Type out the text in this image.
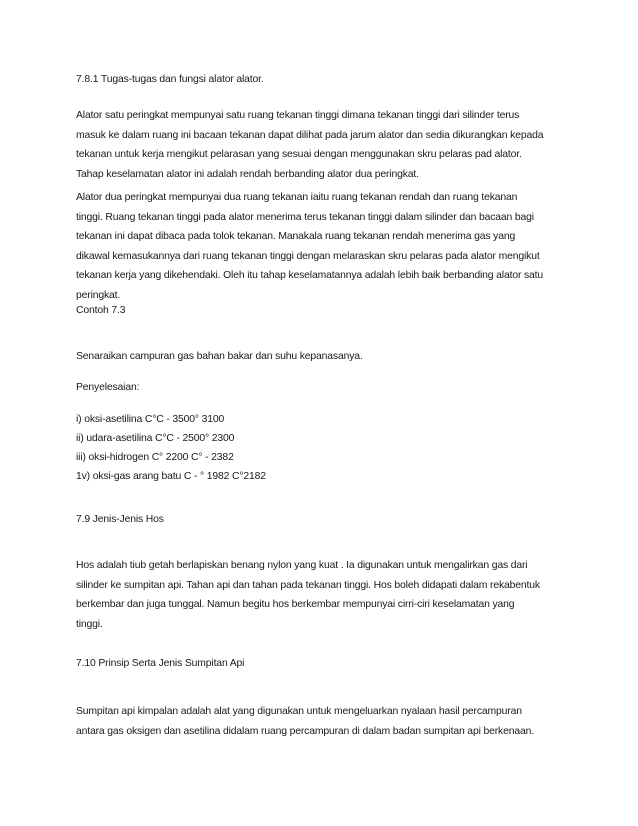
7.8.1 Tugas-tugas dan fungsi alator alator.

Alator satu peringkat mempunyai satu ruang tekanan tinggi dimana tekanan tinggi dari silinder terus
masuk ke dalam ruang ini bacaan tekanan dapat dilihat pada jarum alator dan sedia dikurangkan kepada
tekanan untuk kerja mengikut pelarasan yang sesuai dengan menggunakan skru pelaras pad alator.
Tahap keselamatan alator ini adalah rendah berbanding alator dua peringkat.

Alator dua peringkat mempunyai dua ruang tekanan iaitu ruang tekanan rendah dan ruang tekanan
tinggi. Ruang tekanan tinggi pada alator menerima terus tekanan tinggi dalam silinder dan bacaan bagi
tekanan ini dapat dibaca pada tolok tekanan. Manakala ruang tekanan rendah menerima gas yang
dikawal kemasukannya dari ruang tekanan tinggi dengan melaraskan skru pelaras pada alator mengikut
tekanan kerja yang dikehendaki. Oleh itu tahap keselamatannya adalah lebih baik berbanding alator satu
peringkat.

Contoh 7.3

Senaraikan campuran gas bahan bakar dan suhu kepanasanya.

Penyelesaian:

i) oksi-asetilina C°C - 3500° 3100
ii) udara-asetilina C°C - 2500° 2300
iii) oksi-hidrogen C° 2200 C° - 2382
1v) oksi-gas arang batu C - ° 1982 C°2182

7.9 Jenis-Jenis Hos

Hos adalah tiub getah berlapiskan benang nylon yang kuat . Ia digunakan untuk mengalirkan gas dari
silinder ke sumpitan api. Tahan api dan tahan pada tekanan tinggi. Hos boleh didapati dalam rekabentuk
berkembar dan juga tunggal. Namun begitu hos berkembar mempunyai cirri-ciri keselamatan yang
tinggi.

7.10 Prinsip Serta Jenis Sumpitan Api

Sumpitan api kimpalan adalah alat yang digunakan untuk mengeluarkan nyalaan hasil percampuran
antara gas oksigen dan asetilina didalam ruang percampuran di dalam badan sumpitan api berkenaan.
